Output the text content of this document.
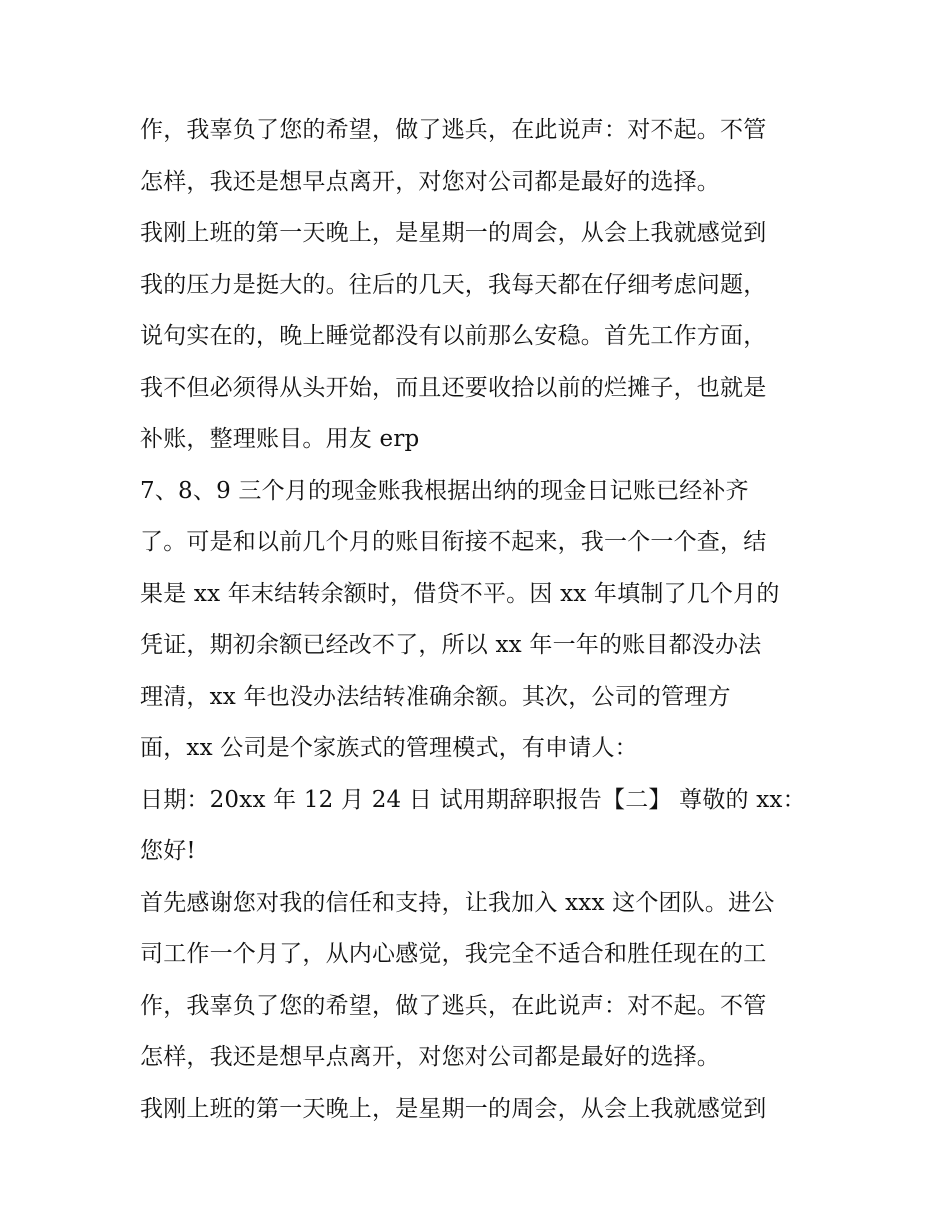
作，我辜负了您的希望，做了逃兵，在此说声：对不起。不管
怎样，我还是想早点离开，对您对公司都是最好的选择。
我刚上班的第一天晚上，是星期一的周会，从会上我就感觉到
我的压力是挺大的。往后的几天，我每天都在仔细考虑问题，
说句实在的，晚上睡觉都没有以前那么安稳。首先工作方面，
我不但必须得从头开始，而且还要收拾以前的烂摊子，也就是
补账，整理账目。用友 erp
7、8、9 三个月的现金账我根据出纳的现金日记账已经补齐
了。可是和以前几个月的账目衔接不起来，我一个一个查，结
果是 xx 年末结转余额时，借贷不平。因 xx 年填制了几个月的
凭证，期初余额已经改不了，所以 xx 年一年的账目都没办法
理清，xx 年也没办法结转准确余额。其次，公司的管理方
面，xx 公司是个家族式的管理模式，有申请人：
日期：20xx 年 12 月 24 日 试用期辞职报告【二】 尊敬的 xx：
您好!
首先感谢您对我的信任和支持，让我加入 xxx 这个团队。进公
司工作一个月了，从内心感觉，我完全不适合和胜任现在的工
作，我辜负了您的希望，做了逃兵，在此说声：对不起。不管
怎样，我还是想早点离开，对您对公司都是最好的选择。
我刚上班的第一天晚上，是星期一的周会，从会上我就感觉到
